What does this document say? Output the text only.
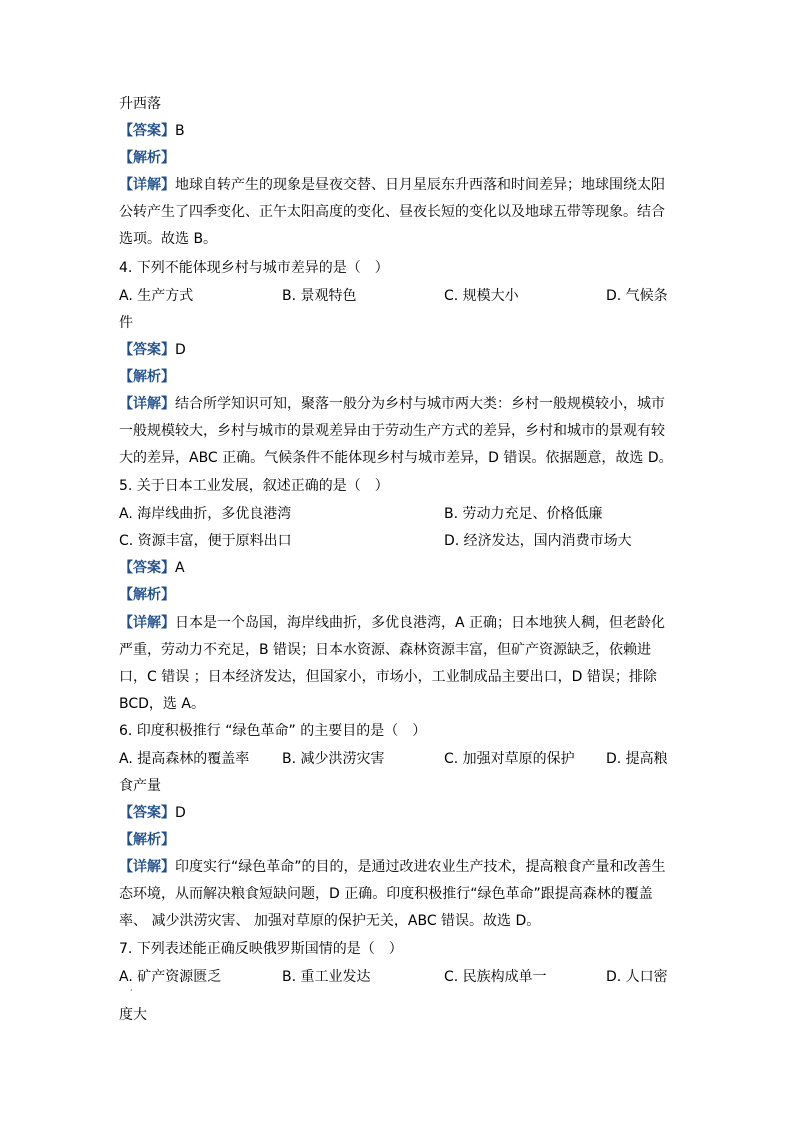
升西落
【答案】B
【解析】
【详解】地球自转产生的现象是昼夜交替、日月星辰东升西落和时间差异；地球围绕太阳
公转产生了四季变化、正午太阳高度的变化、昼夜长短的变化以及地球五带等现象。结合
选项。故选 B。
4. 下列不能体现乡村与城市差异的是（　）
A. 生产方式	B. 景观特色	C. 规模大小	D. 气候条
件
【答案】D
【解析】
【详解】结合所学知识可知，聚落一般分为乡村与城市两大类：乡村一般规模较小，城市
一般规模较大，乡村与城市的景观差异由于劳动生产方式的差异，乡村和城市的景观有较
大的差异，ABC 正确。气候条件不能体现乡村与城市差异，D 错误。依据题意，故选 D。
5. 关于日本工业发展，叙述正确的是（　）
A. 海岸线曲折，多优良港湾	B. 劳动力充足、价格低廉
C. 资源丰富，便于原料出口	D. 经济发达，国内消费市场大
【答案】A
【解析】
【详解】日本是一个岛国，海岸线曲折，多优良港湾，A 正确；日本地狭人稠，但老龄化
严重，劳动力不充足，B 错误；日本水资源、森林资源丰富，但矿产资源缺乏，依赖进
口，C 错误 ；日本经济发达，但国家小，市场小，工业制成品主要出口，D 错误；排除
BCD，选 A。
6. 印度积极推行 “绿色革命” 的主要目的是（　）
A. 提高森林的覆盖率 B. 减少洪涝灾害	C. 加强对草原的保护 D. 提高粮
食产量
【答案】D
【解析】
【详解】印度实行“绿色革命”的目的，是通过改进农业生产技术，提高粮食产量和改善生
态环境，从而解决粮食短缺问题，D 正确。印度积极推行“绿色革命”跟提高森林的覆盖
率、 减少洪涝灾害、 加强对草原的保护无关，ABC 错误。故选 D。
7. 下列表述能正确反映俄罗斯国情的是（　）
A. 矿产资源匮乏	B. 重工业发达	C. 民族构成单一	D. 人口密
·
度大
